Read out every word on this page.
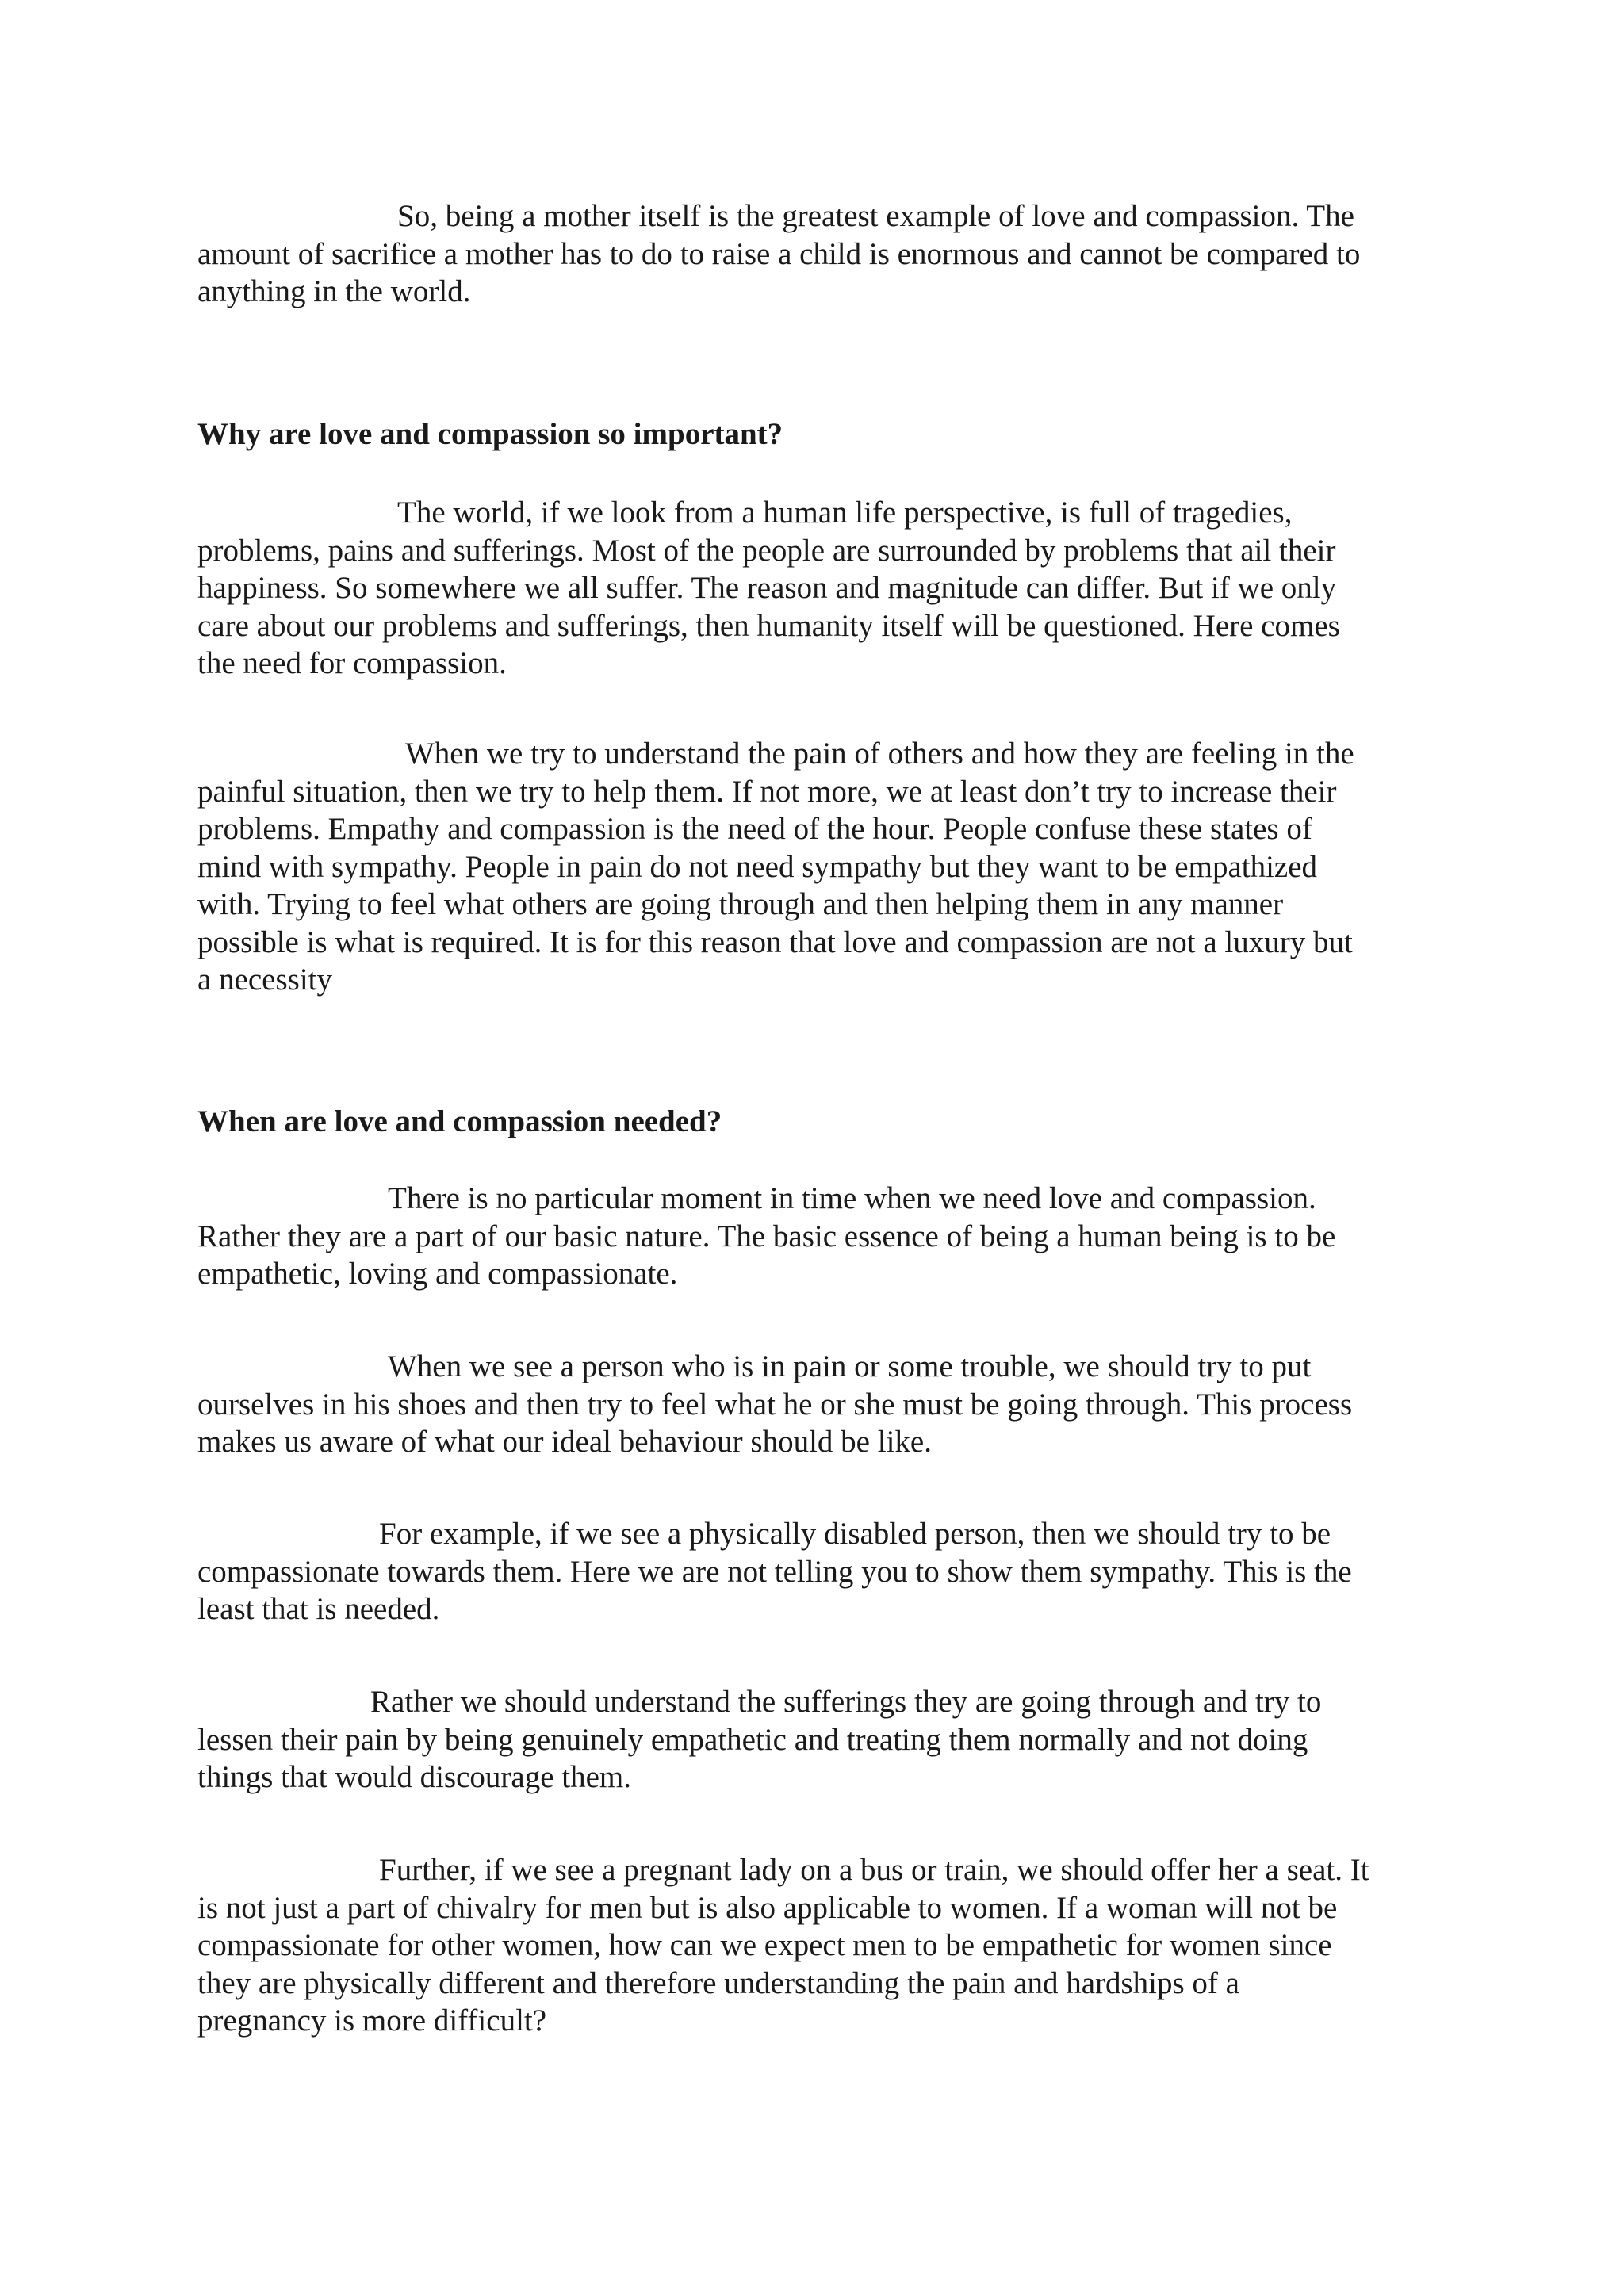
So, being a mother itself is the greatest example of love and compassion. The
amount of sacrifice a mother has to do to raise a child is enormous and cannot be compared to
anything in the world.
Why are love and compassion so important?
The world, if we look from a human life perspective, is full of tragedies,
problems, pains and sufferings. Most of the people are surrounded by problems that ail their
happiness. So somewhere we all suffer. The reason and magnitude can differ. But if we only
care about our problems and sufferings, then humanity itself will be questioned. Here comes
the need for compassion.
When we try to understand the pain of others and how they are feeling in the
painful situation, then we try to help them. If not more, we at least don’t try to increase their
problems. Empathy and compassion is the need of the hour. People confuse these states of
mind with sympathy. People in pain do not need sympathy but they want to be empathized
with. Trying to feel what others are going through and then helping them in any manner
possible is what is required. It is for this reason that love and compassion are not a luxury but
a necessity
When are love and compassion needed?
There is no particular moment in time when we need love and compassion.
Rather they are a part of our basic nature. The basic essence of being a human being is to be
empathetic, loving and compassionate.
When we see a person who is in pain or some trouble, we should try to put
ourselves in his shoes and then try to feel what he or she must be going through. This process
makes us aware of what our ideal behaviour should be like.
For example, if we see a physically disabled person, then we should try to be
compassionate towards them. Here we are not telling you to show them sympathy. This is the
least that is needed.
Rather we should understand the sufferings they are going through and try to
lessen their pain by being genuinely empathetic and treating them normally and not doing
things that would discourage them.
Further, if we see a pregnant lady on a bus or train, we should offer her a seat. It
is not just a part of chivalry for men but is also applicable to women. If a woman will not be
compassionate for other women, how can we expect men to be empathetic for women since
they are physically different and therefore understanding the pain and hardships of a
pregnancy is more difficult?
